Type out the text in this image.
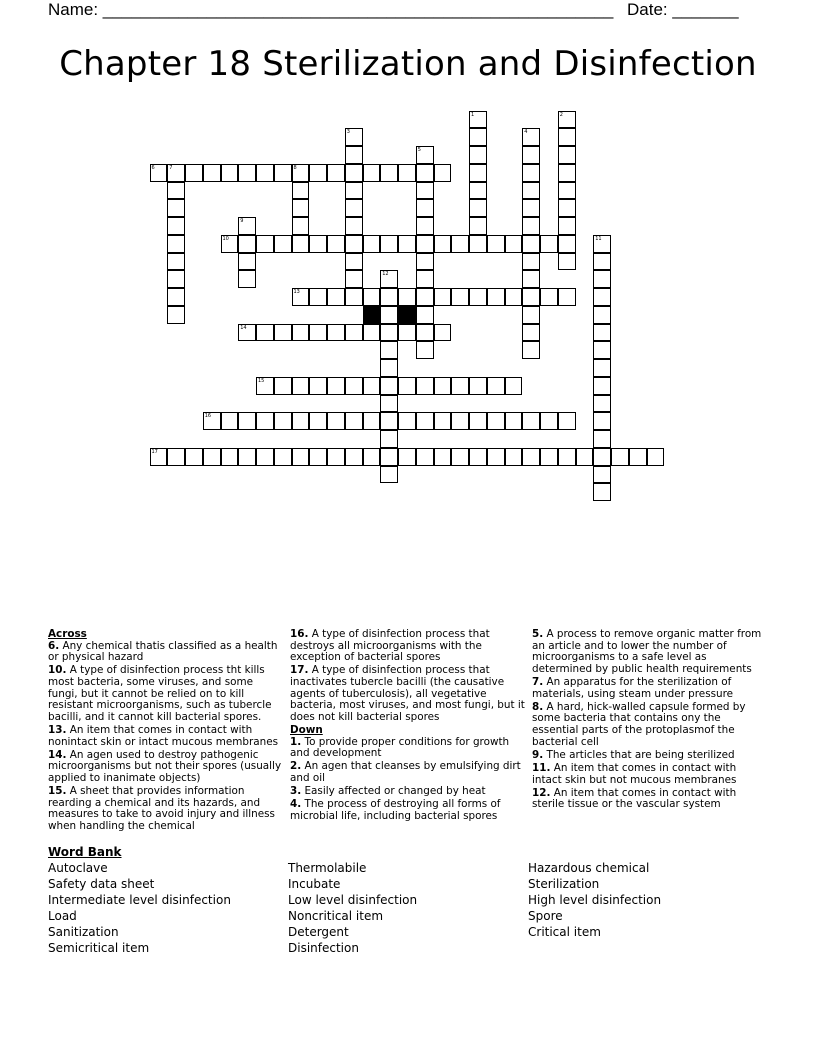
Name: ______________________________________________________ Date: _______
Chapter 18 Sterilization and Disinfection
1	2
3	4
5
6	7	8
9
10	11
12
13
14
15
16
17
Across
6. Any chemical thatis classified as a health or physical hazard
10. A type of disinfection process tht kills most bacteria, some viruses, and some fungi, but it cannot be relied on to kill resistant microorganisms, such as tubercle bacilli, and it cannot kill bacterial spores.
13. An item that comes in contact with nonintact skin or intact mucous membranes
14. An agen used to destroy pathogenic microorganisms but not their spores (usually applied to inanimate objects)
15. A sheet that provides information rearding a chemical and its hazards, and measures to take to avoid injury and illness when handling the chemical
16. A type of disinfection process that destroys all microorganisms with the exception of bacterial spores
17. A type of disinfection process that inactivates tubercle bacilli (the causative agents of tuberculosis), all vegetative bacteria, most viruses, and most fungi, but it does not kill bacterial spores
Down
1. To provide proper conditions for growth and development
2. An agen that cleanses by emulsifying dirt and oil
3. Easily affected or changed by heat
4. The process of destroying all forms of microbial life, including bacterial spores
5. A process to remove organic matter from an article and to lower the number of microorganisms to a safe level as determined by public health requirements
7. An apparatus for the sterilization of materials, using steam under pressure
8. A hard, hick-walled capsule formed by some bacteria that contains ony the essential parts of the protoplasmof the bacterial cell
9. The articles that are being sterilized
11. An item that comes in contact with intact skin but not mucous membranes
12. An item that comes in contact with sterile tissue or the vascular system
Word Bank
Autoclave
Safety data sheet
Intermediate level disinfection
Load
Sanitization
Semicritical item
Thermolabile
Incubate
Low level disinfection
Noncritical item
Detergent
Disinfection
Hazardous chemical
Sterilization
High level disinfection
Spore
Critical item
